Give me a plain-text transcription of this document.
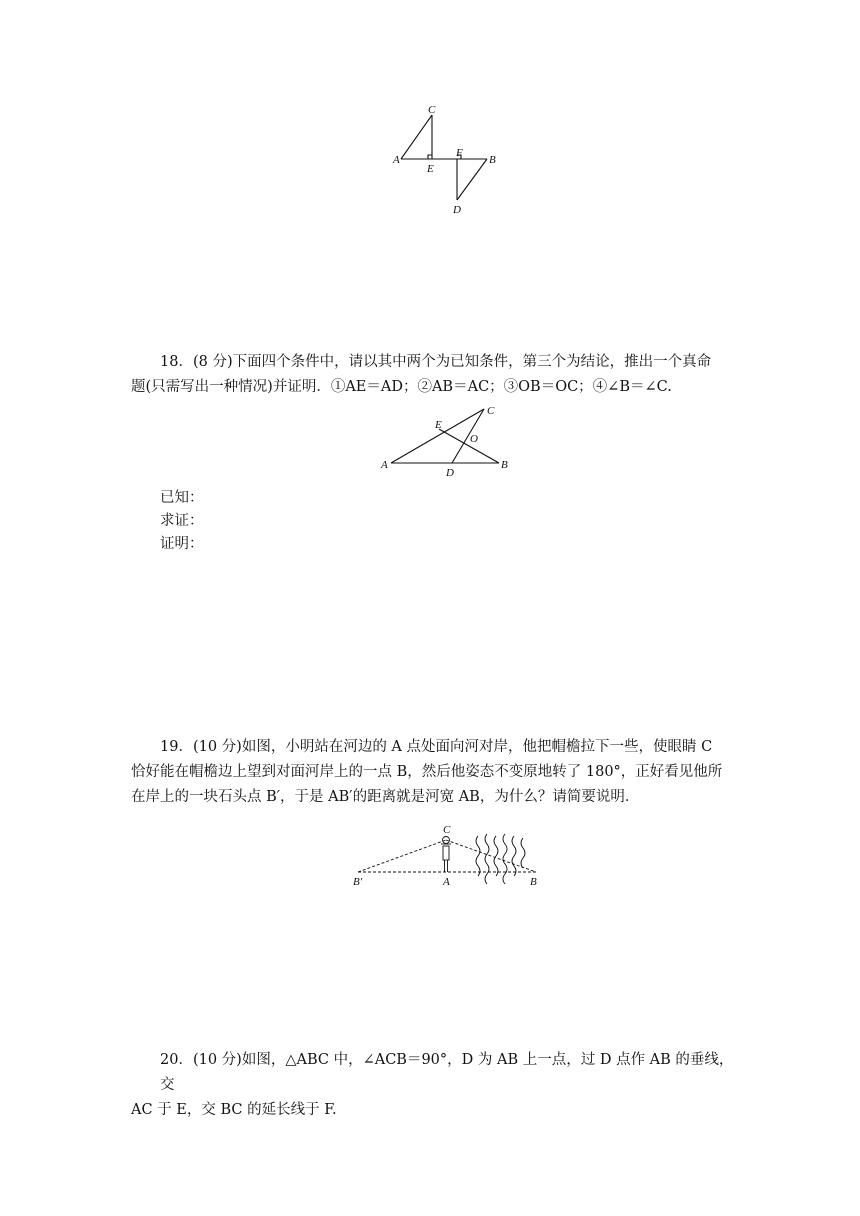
C
A
E
F
B
D
18．(8 分)下面四个条件中，请以其中两个为已知条件，第三个为结论，推出一个真命
题(只需写出一种情况)并证明．①AE＝AD；②AB＝AC；③OB＝OC；④∠B＝∠C.
C
E
O
A
D
B
已知：
求证：
证明：
19．(10 分)如图，小明站在河边的 A 点处面向河对岸，他把帽檐拉下一些，使眼睛 C
恰好能在帽檐边上望到对面河岸上的一点 B，然后他姿态不变原地转了 180°，正好看见他所
在岸上的一块石头点 B′，于是 AB′的距离就是河宽 AB，为什么？请简要说明．
C
B′	A	B
20．(10 分)如图，△ABC 中，∠ACB＝90°，D 为 AB 上一点，过 D 点作 AB 的垂线，交
AC 于 E，交 BC 的延长线于 F.
